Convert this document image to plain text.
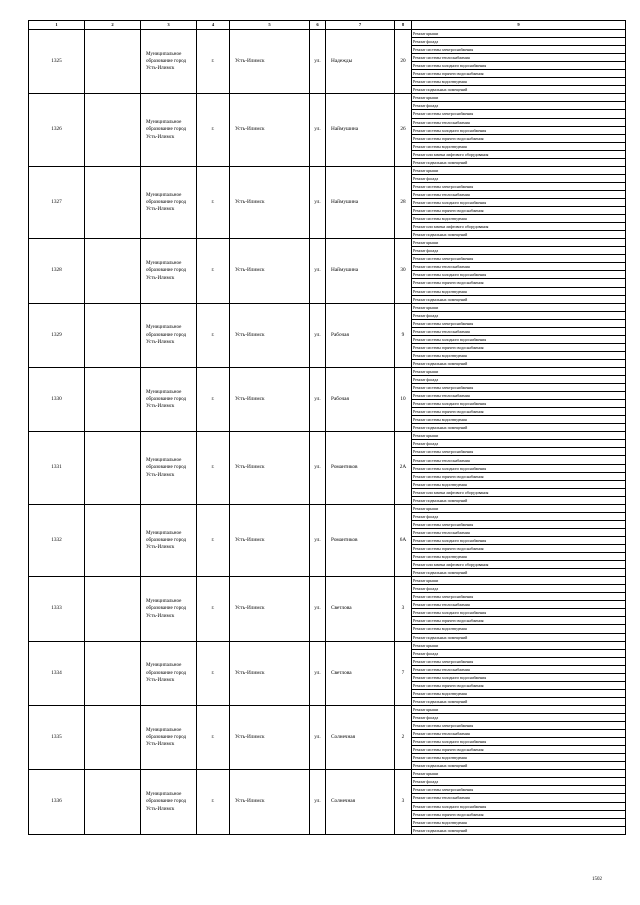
1	2	3	4	5	6	7	8	9
1325		Муниципальное образование город Усть-Илимск	г.	Усть-Илимск	ул.	Надежды	20	Ремонт крыши
								Ремонт фасада
								Ремонт системы электроснабжения
								Ремонт системы теплоснабжения
								Ремонт системы холодного водоснабжения
								Ремонт системы горячего водоснабжения
								Ремонт системы водоотведения
								Ремонт подвальных помещений
1326		Муниципальное образование город Усть-Илимск	г.	Усть-Илимск	ул.	Наймушина	26	Ремонт крыши
								Ремонт фасада
								Ремонт системы электроснабжения
								Ремонт системы теплоснабжения
								Ремонт системы холодного водоснабжения
								Ремонт системы горячего водоснабжения
								Ремонт системы водоотведения
								Ремонт или замена лифтового оборудования
								Ремонт подвальных помещений
1327		Муниципальное образование город Усть-Илимск	г.	Усть-Илимск	ул.	Наймушина	28	Ремонт крыши
								Ремонт фасада
								Ремонт системы электроснабжения
								Ремонт системы теплоснабжения
								Ремонт системы холодного водоснабжения
								Ремонт системы горячего водоснабжения
								Ремонт системы водоотведения
								Ремонт или замена лифтового оборудования
								Ремонт подвальных помещений
1328		Муниципальное образование город Усть-Илимск	г.	Усть-Илимск	ул.	Наймушина	30	Ремонт крыши
								Ремонт фасада
								Ремонт системы электроснабжения
								Ремонт системы теплоснабжения
								Ремонт системы холодного водоснабжения
								Ремонт системы горячего водоснабжения
								Ремонт системы водоотведения
								Ремонт подвальных помещений
1329		Муниципальное образование город Усть-Илимск	г.	Усть-Илимск	ул.	Рабочая	9	Ремонт крыши
								Ремонт фасада
								Ремонт системы электроснабжения
								Ремонт системы теплоснабжения
								Ремонт системы холодного водоснабжения
								Ремонт системы горячего водоснабжения
								Ремонт системы водоотведения
								Ремонт подвальных помещений
1330		Муниципальное образование город Усть-Илимск	г.	Усть-Илимск	ул.	Рабочая	10	Ремонт крыши
								Ремонт фасада
								Ремонт системы электроснабжения
								Ремонт системы теплоснабжения
								Ремонт системы холодного водоснабжения
								Ремонт системы горячего водоснабжения
								Ремонт системы водоотведения
								Ремонт подвальных помещений
1331		Муниципальное образование город Усть-Илимск	г.	Усть-Илимск	ул.	Романтиков	2А	Ремонт крыши
								Ремонт фасада
								Ремонт системы электроснабжения
								Ремонт системы теплоснабжения
								Ремонт системы холодного водоснабжения
								Ремонт системы горячего водоснабжения
								Ремонт системы водоотведения
								Ремонт или замена лифтового оборудования
								Ремонт подвальных помещений
1332		Муниципальное образование город Усть-Илимск	г.	Усть-Илимск	ул.	Романтиков	6А	Ремонт крыши
								Ремонт фасада
								Ремонт системы электроснабжения
								Ремонт системы теплоснабжения
								Ремонт системы холодного водоснабжения
								Ремонт системы горячего водоснабжения
								Ремонт системы водоотведения
								Ремонт или замена лифтового оборудования
								Ремонт подвальных помещений
1333		Муниципальное образование город Усть-Илимск	г.	Усть-Илимск	ул.	Светлова	3	Ремонт крыши
								Ремонт фасада
								Ремонт системы электроснабжения
								Ремонт системы теплоснабжения
								Ремонт системы холодного водоснабжения
								Ремонт системы горячего водоснабжения
								Ремонт системы водоотведения
								Ремонт подвальных помещений
1334		Муниципальное образование город Усть-Илимск	г.	Усть-Илимск	ул.	Светлова	7	Ремонт крыши
								Ремонт фасада
								Ремонт системы электроснабжения
								Ремонт системы теплоснабжения
								Ремонт системы холодного водоснабжения
								Ремонт системы горячего водоснабжения
								Ремонт системы водоотведения
								Ремонт подвальных помещений
1335		Муниципальное образование город Усть-Илимск	г.	Усть-Илимск	ул.	Солнечная	2	Ремонт крыши
								Ремонт фасада
								Ремонт системы электроснабжения
								Ремонт системы теплоснабжения
								Ремонт системы холодного водоснабжения
								Ремонт системы горячего водоснабжения
								Ремонт системы водоотведения
								Ремонт подвальных помещений
1336		Муниципальное образование город Усть-Илимск	г.	Усть-Илимск	ул.	Солнечная	3	Ремонт крыши
								Ремонт фасада
								Ремонт системы электроснабжения
								Ремонт системы теплоснабжения
								Ремонт системы холодного водоснабжения
								Ремонт системы горячего водоснабжения
								Ремонт системы водоотведения
								Ремонт подвальных помещений
1502
